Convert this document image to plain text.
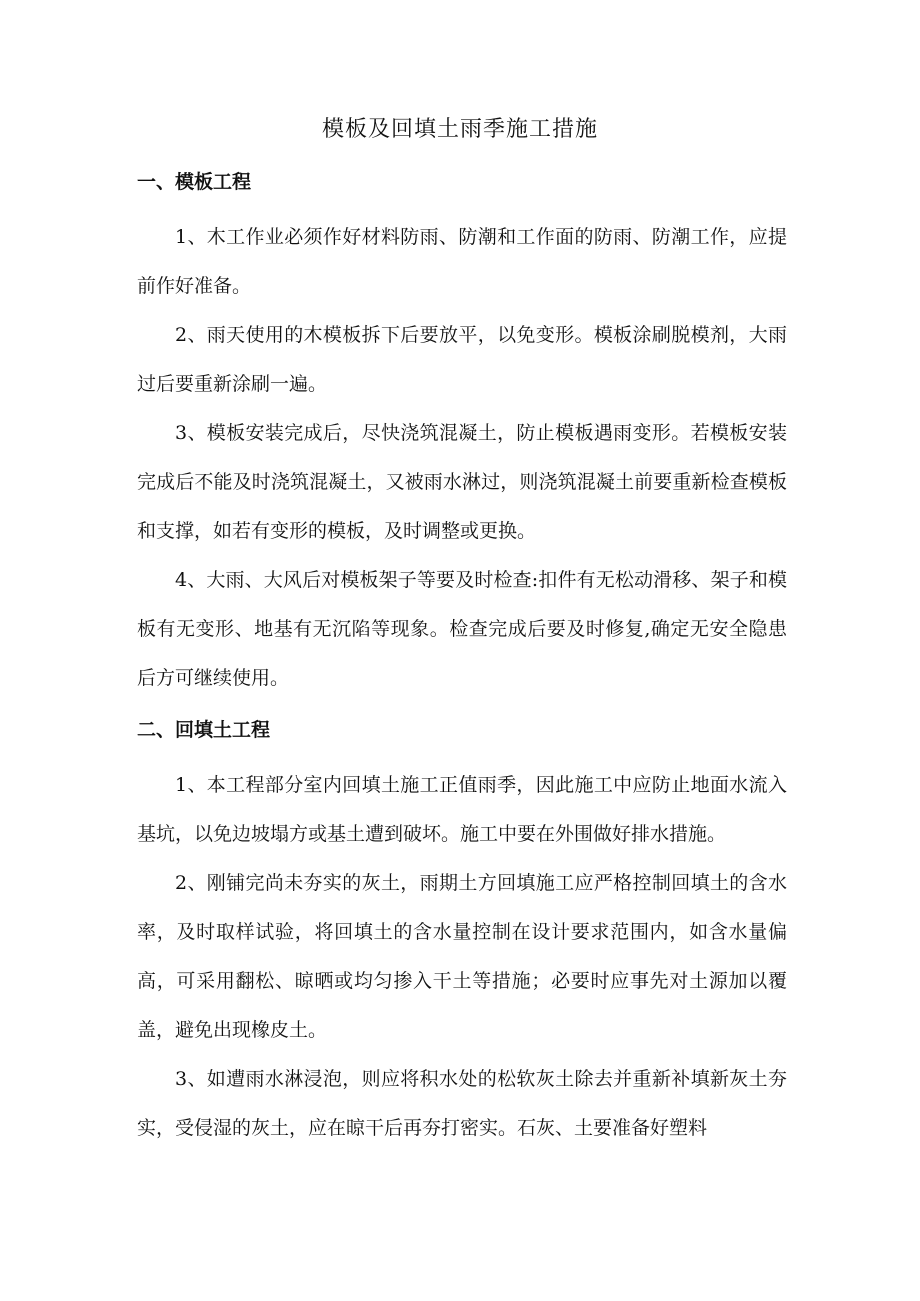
模板及回填土雨季施工措施
一、模板工程

1、木工作业必须作好材料防雨、防潮和工作面的防雨、防潮工作，应提前作好准备。

2、雨天使用的木模板拆下后要放平，以免变形。模板涂刷脱模剂，大雨过后要重新涂刷一遍。

3、模板安装完成后，尽快浇筑混凝土，防止模板遇雨变形。若模板安装完成后不能及时浇筑混凝土，又被雨水淋过，则浇筑混凝土前要重新检查模板和支撑，如若有变形的模板，及时调整或更换。

4、大雨、大风后对模板架子等要及时检查:扣件有无松动滑移、架子和模板有无变形、地基有无沉陷等现象。检查完成后要及时修复,确定无安全隐患后方可继续使用。

二、回填土工程

1、本工程部分室内回填土施工正值雨季，因此施工中应防止地面水流入基坑，以免边坡塌方或基土遭到破坏。施工中要在外围做好排水措施。

2、刚铺完尚未夯实的灰土，雨期土方回填施工应严格控制回填土的含水率，及时取样试验，将回填土的含水量控制在设计要求范围内，如含水量偏高，可采用翻松、晾晒或均匀掺入干土等措施；必要时应事先对土源加以覆盖，避免出现橡皮土。

3、如遭雨水淋浸泡，则应将积水处的松软灰土除去并重新补填新灰土夯实，受侵湿的灰土，应在晾干后再夯打密实。石灰、土要准备好塑料
